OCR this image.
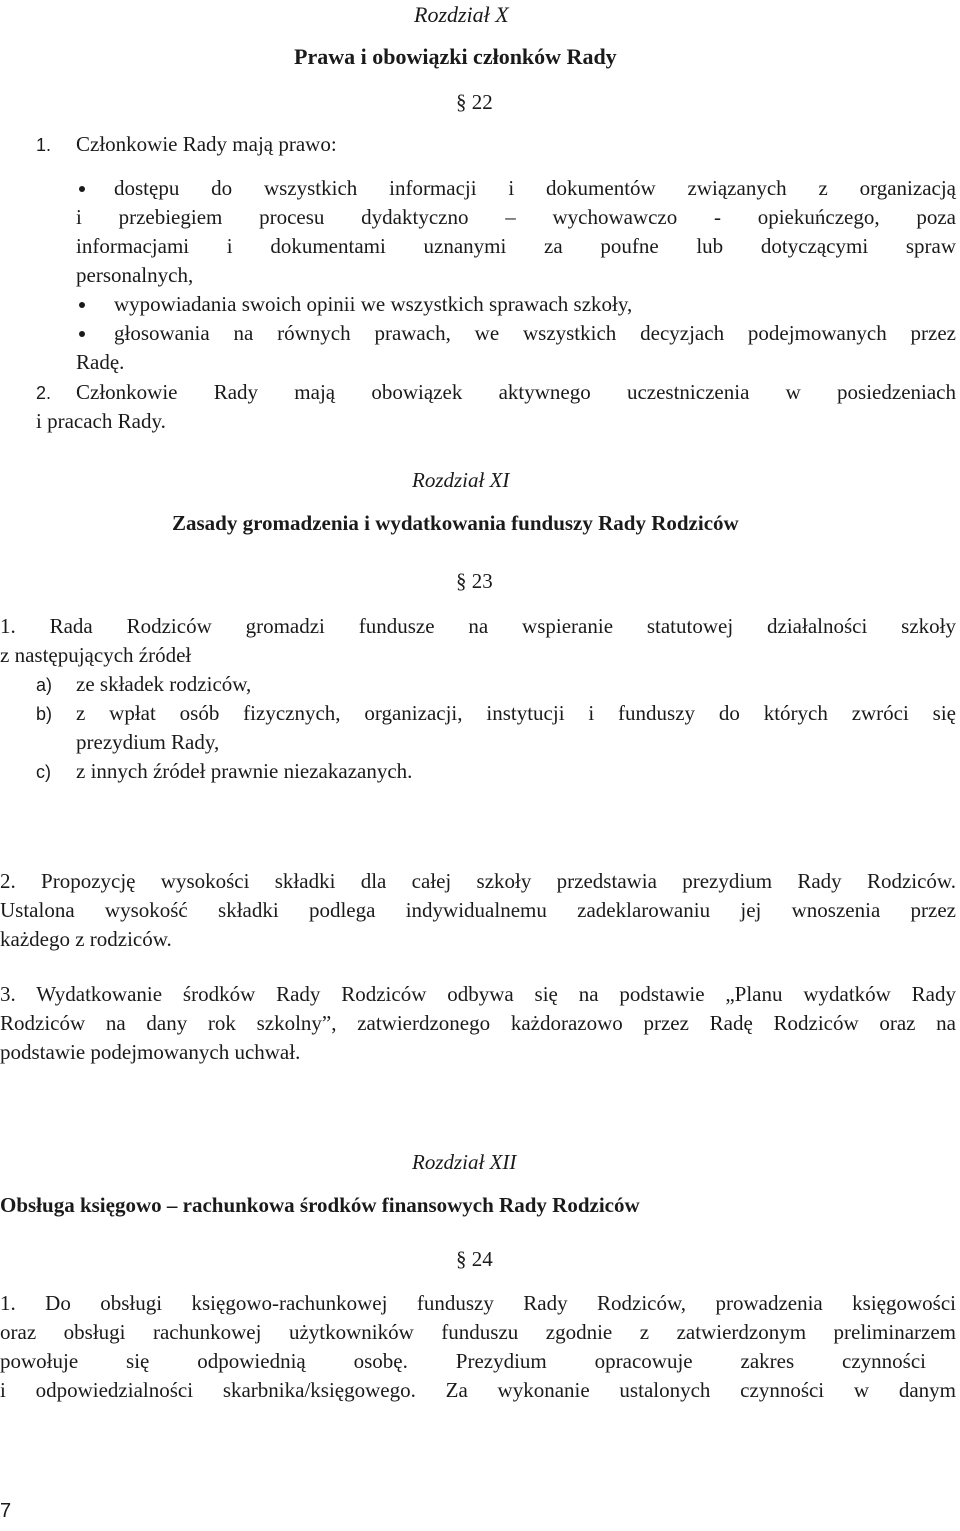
Rozdział X
Prawa i obowiązki członków Rady
§ 22
1. Członkowie Rady mają prawo:
dostępu do wszystkich informacji i dokumentów związanych z organizacją
i przebiegiem procesu dydaktyczno – wychowawczo - opiekuńczego, poza
informacjami i dokumentami uznanymi za poufne lub dotyczącymi spraw
personalnych,
wypowiadania swoich opinii we wszystkich sprawach szkoły,
głosowania na równych prawach, we wszystkich decyzjach podejmowanych przez
Radę.
2. Członkowie Rady mają obowiązek aktywnego uczestniczenia w posiedzeniach
i pracach Rady.
Rozdział XI
Zasady gromadzenia i wydatkowania funduszy Rady Rodziców
§ 23
1. Rada Rodziców gromadzi fundusze na wspieranie statutowej działalności szkoły
z następujących źródeł
a) ze składek rodziców,
b) z wpłat osób fizycznych, organizacji, instytucji i funduszy do których zwróci się
prezydium Rady,
c) z innych źródeł prawnie niezakazanych.
2. Propozycję wysokości składki dla całej szkoły przedstawia prezydium Rady Rodziców.
Ustalona wysokość składki podlega indywidualnemu zadeklarowaniu jej wnoszenia przez
każdego z rodziców.
3. Wydatkowanie środków Rady Rodziców odbywa się na podstawie „Planu wydatków Rady
Rodziców na dany rok szkolny”, zatwierdzonego każdorazowo przez Radę Rodziców oraz na
podstawie podejmowanych uchwał.
Rozdział XII
Obsługa księgowo – rachunkowa środków finansowych Rady Rodziców
§ 24
1. Do obsługi księgowo-rachunkowej funduszy Rady Rodziców, prowadzenia księgowości
oraz obsługi rachunkowej użytkowników funduszu zgodnie z zatwierdzonym preliminarzem
powołuje się odpowiednią osobę. Prezydium opracowuje zakres czynności
i odpowiedzialności skarbnika/księgowego. Za wykonanie ustalonych czynności w danym
7
